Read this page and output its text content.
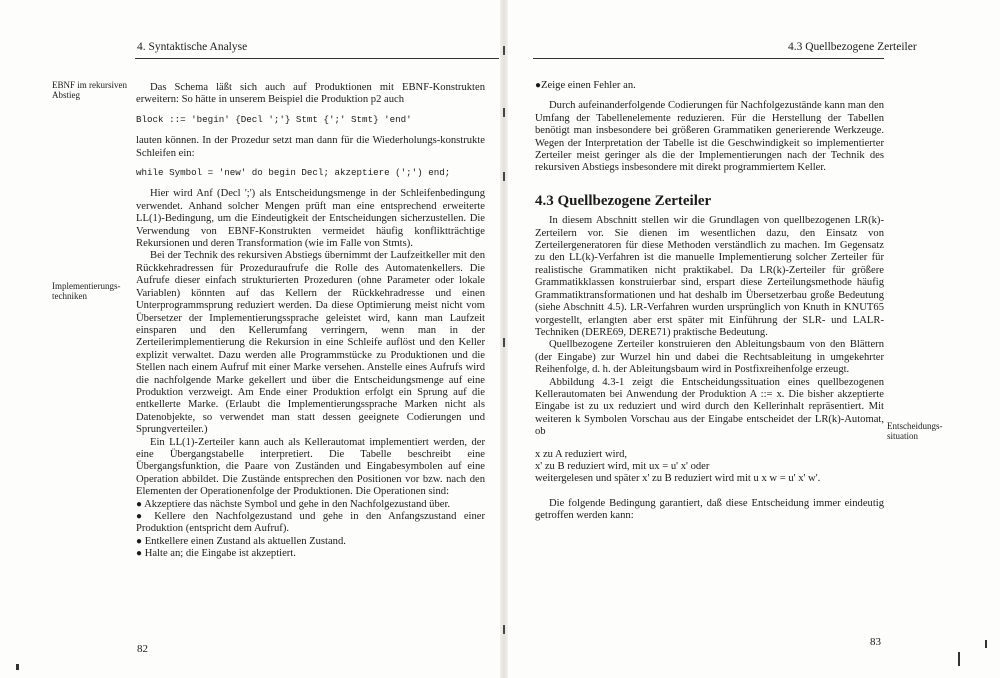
4. Syntaktische Analyse
EBNF im rekursiven Abstieg
Implementierungs-techniken

Das Schema läßt sich auch auf Produktionen mit EBNF-Konstrukten erweitern: So hätte in unserem Beispiel die Produktion p2 auch

Block ::= 'begin' {Decl ';'} Stmt {';' Stmt} 'end'

lauten können. In der Prozedur setzt man dann für die Wiederholungs-konstrukte Schleifen ein:

while Symbol = 'new' do begin Decl; akzeptiere (';') end;

Hier wird Anf (Decl ';') als Entscheidungsmenge in der Schleifenbedingung verwendet. Anhand solcher Mengen prüft man eine entsprechend erweiterte LL(1)-Bedingung, um die Eindeutigkeit der Entscheidungen sicherzustellen. Die Verwendung von EBNF-Konstrukten vermeidet häufig konfliktträchtige Rekursionen und deren Transformation (wie im Falle von Stmts).

Bei der Technik des rekursiven Abstiegs übernimmt der Laufzeitkeller mit den Rückkehradressen für Prozeduraufrufe die Rolle des Automatenkellers. Die Aufrufe dieser einfach strukturierten Prozeduren (ohne Parameter oder lokale Variablen) könnten auf das Kellern der Rückkehradresse und einen Unterprogrammsprung reduziert werden. Da diese Optimierung meist nicht vom Übersetzer der Implementierungssprache geleistet wird, kann man Laufzeit einsparen und den Kellerumfang verringern, wenn man in der Zerteilerimplementierung die Rekursion in eine Schleife auflöst und den Keller explizit verwaltet. Dazu werden alle Programmstücke zu Produktionen und die Stellen nach einem Aufruf mit einer Marke versehen. Anstelle eines Aufrufs wird die nachfolgende Marke gekellert und über die Entscheidungsmenge auf eine Produktion verzweigt. Am Ende einer Produktion erfolgt ein Sprung auf die entkellerte Marke. (Erlaubt die Implementierungssprache Marken nicht als Datenobjekte, so verwendet man statt dessen geeignete Codierungen und Sprungverteiler.)

Ein LL(1)-Zerteiler kann auch als Kellerautomat implementiert werden, der eine Übergangstabelle interpretiert. Die Tabelle beschreibt eine Übergangsfunktion, die Paare von Zuständen und Eingabesymbolen auf eine Operation abbildet. Die Zustände entsprechen den Positionen vor bzw. nach den Elementen der Operationenfolge der Produktionen. Die Operationen sind:

● Akzeptiere das nächste Symbol und gehe in den Nachfolgezustand über.

● Kellere den Nachfolgezustand und gehe in den Anfangszustand einer Produktion (entspricht dem Aufruf).

● Entkellere einen Zustand als aktuellen Zustand.

● Halte an; die Eingabe ist akzeptiert.

82
4.3 Quellbezogene Zerteiler

●Zeige einen Fehler an.

Durch aufeinanderfolgende Codierungen für Nachfolgezustände kann man den Umfang der Tabellenelemente reduzieren. Für die Herstellung der Tabellen benötigt man insbesondere bei größeren Grammatiken generierende Werkzeuge. Wegen der Interpretation der Tabelle ist die Geschwindigkeit so implementierter Zerteiler meist geringer als die der Implementierungen nach der Technik des rekursiven Abstiegs insbesondere mit direkt programmiertem Keller.

4.3 Quellbezogene Zerteiler

In diesem Abschnitt stellen wir die Grundlagen von quellbezogenen LR(k)-Zerteilern vor. Sie dienen im wesentlichen dazu, den Einsatz von Zerteilergeneratoren für diese Methoden verständlich zu machen. Im Gegensatz zu den LL(k)-Verfahren ist die manuelle Implementierung solcher Zerteiler für realistische Grammatiken nicht praktikabel. Da LR(k)-Zerteiler für größere Grammatikklassen konstruierbar sind, erspart diese Zerteilungsmethode häufig Grammatiktransformationen und hat deshalb im Übersetzerbau große Bedeutung (siehe Abschnitt 4.5). LR-Verfahren wurden ursprünglich von Knuth in KNUT65 vorgestellt, erlangten aber erst später mit Einführung der SLR- und LALR-Techniken (DERE69, DERE71) praktische Bedeutung.

Quellbezogene Zerteiler konstruieren den Ableitungsbaum von den Blättern (der Eingabe) zur Wurzel hin und dabei die Rechtsableitung in umgekehrter Reihenfolge, d. h. der Ableitungsbaum wird in Postfixreihenfolge erzeugt.

Abbildung 4.3-1 zeigt die Entscheidungssituation eines quellbezogenen Kellerautomaten bei Anwendung der Produktion A ::= x. Die bisher akzeptierte Eingabe ist zu ux reduziert und wird durch den Kellerinhalt repräsentiert. Mit weiteren k Symbolen Vorschau aus der Eingabe entscheidet der LR(k)-Automat, ob

x zu A reduziert wird,

x' zu B reduziert wird, mit ux = u' x' oder

weitergelesen und später x' zu B reduziert wird mit u x w = u' x' w'.

Die folgende Bedingung garantiert, daß diese Entscheidung immer eindeutig getroffen werden kann:

Entscheidungs-situation
83
